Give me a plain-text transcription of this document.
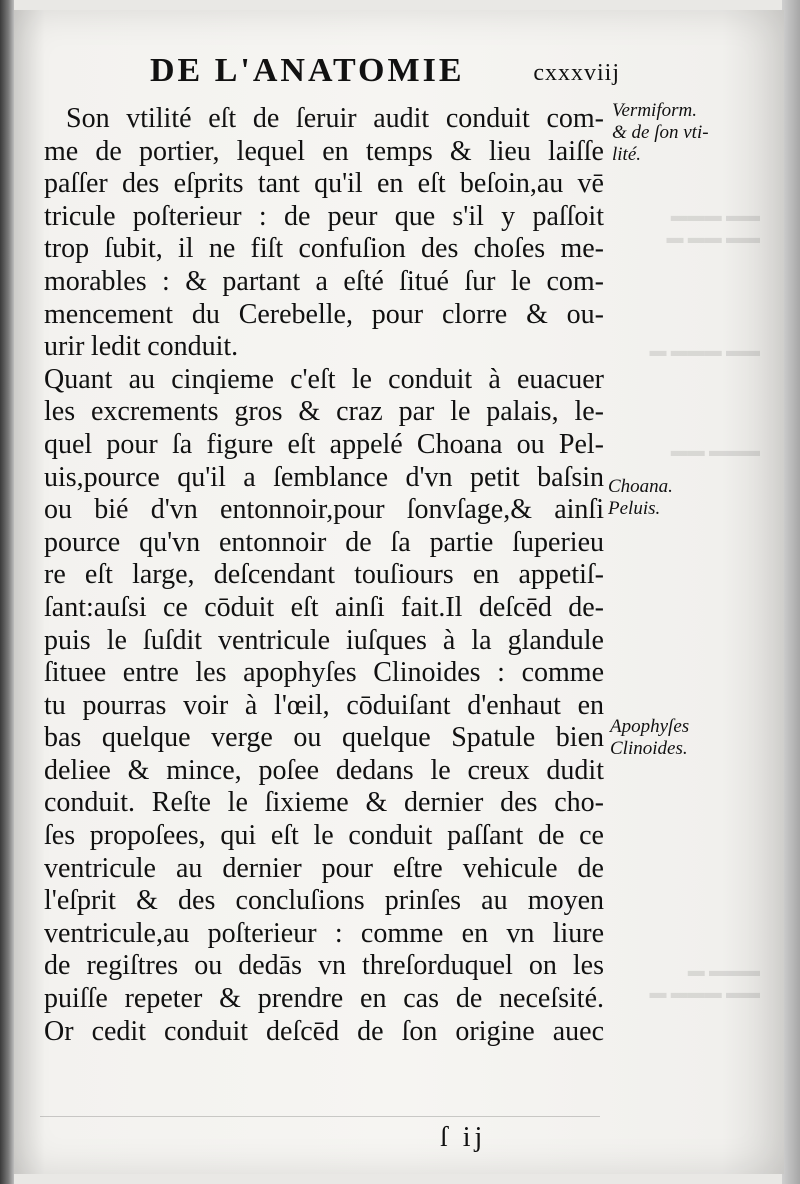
▬▬ ▬▬▬
▬▬ ▬▬ ▬
▬▬ ▬▬▬ ▬
▬▬▬ ▬▬
▬▬▬ ▬
▬▬ ▬▬▬ ▬
DE L'ANATOMIE	cxxxviij
Son vtilité eſt de ſeruir audit conduit com-
me de portier, lequel en temps & lieu laiſſe
paſſer des eſprits tant qu'il en eſt beſoin,au vē
tricule poſterieur : de peur que s'il y paſſoit
trop ſubit, il ne fiſt confuſion des choſes me-
morables : & partant a eſté ſitué ſur le com-
mencement du Cerebelle, pour clorre & ou-
urir ledit conduit.
Quant au cinqieme c'eſt le conduit à euacuer
les excrements gros & craz par le palais, le-
quel pour ſa figure eſt appelé Choana ou Pel-
uis,pource qu'il a ſemblance d'vn petit baſsin
ou bié d'vn entonnoir,pour ſonvſage,& ainſi
pource qu'vn entonnoir de ſa partie ſuperieu
re eſt large, deſcendant touſiours en appetiſ-
ſant:auſsi ce cōduit eſt ainſi fait.Il deſcēd de-
puis le ſuſdit ventricule iuſques à la glandule
ſituee entre les apophyſes Clinoides : comme
tu pourras voir à l'œil, cōduiſant d'enhaut en
bas quelque verge ou quelque Spatule bien
deliee & mince, poſee dedans le creux dudit
conduit. Reſte le ſixieme & dernier des cho-
ſes propoſees, qui eſt le conduit paſſant de ce
ventricule au dernier pour eſtre vehicule de
l'eſprit & des concluſions prinſes au moyen
ventricule,au poſterieur : comme en vn liure
de regiſtres ou dedās vn threſorduquel on les
puiſſe repeter & prendre en cas de neceſsité.
Or cedit conduit deſcēd de ſon origine auec
Vermiform.
& de ſon vti-
lité.
Choana.
Peluis.
Apophyſes
Clinoides.
ſ ij
